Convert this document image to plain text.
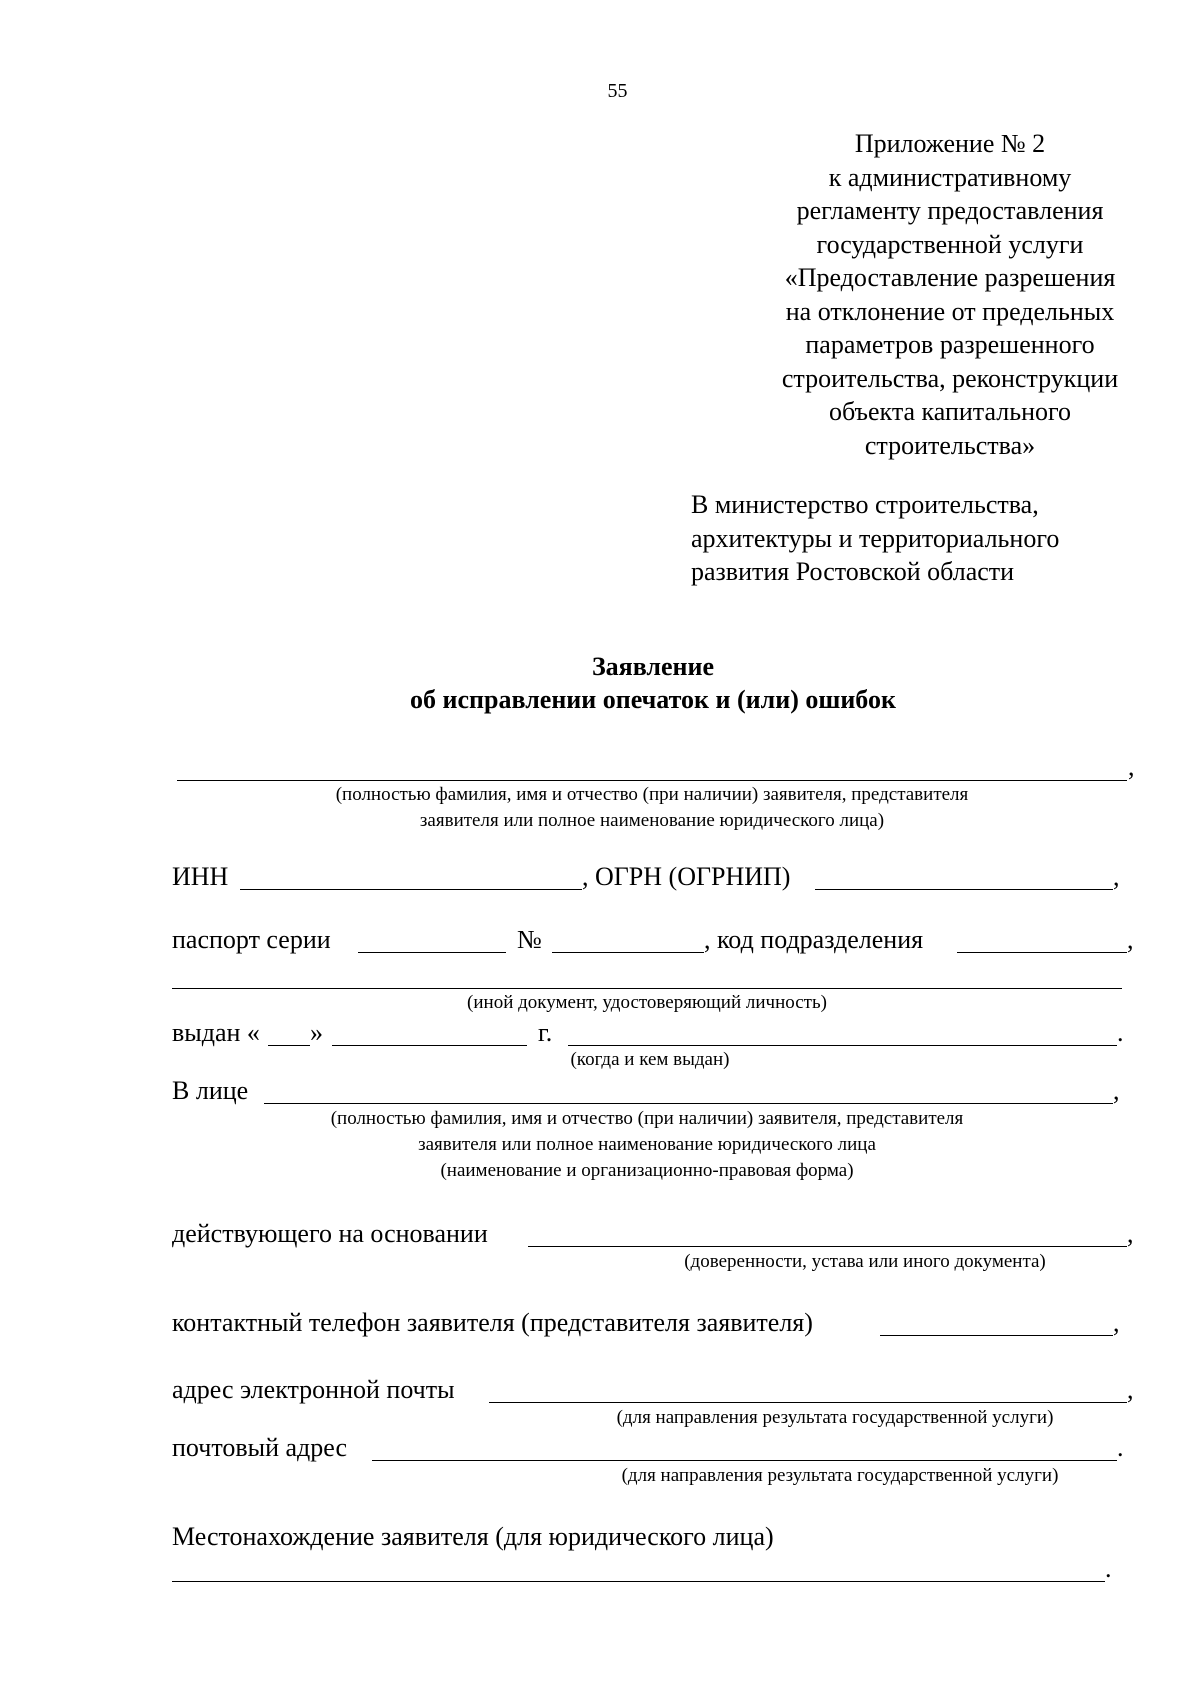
55
Приложение № 2
к административному
регламенту предоставления
государственной услуги
«Предоставление разрешения
на отклонение от предельных
параметров разрешенного
строительства, реконструкции
объекта капитального
строительства»
В министерство строительства,
архитектуры и территориального
развития Ростовской области
Заявление
об исправлении опечаток и (или) ошибок
,
(полностью фамилия, имя и отчество (при наличии) заявителя, представителя
заявителя или полное наименование юридического лица)
ИНН	, ОГРН (ОГРНИП)	,
паспорт серии	№	, код подразделения	,
(иной документ, удостоверяющий личность)
выдан « »	г.	.
(когда и кем выдан)
В лице	,
(полностью фамилия, имя и отчество (при наличии) заявителя, представителя
заявителя или полное наименование юридического лица
(наименование и организационно-правовая форма)
действующего на основании	,
(доверенности, устава или иного документа)
контактный телефон заявителя (представителя заявителя)	,
адрес электронной почты	,
(для направления результата государственной услуги)
почтовый адрес	.
(для направления результата государственной услуги)
Местонахождение заявителя (для юридического лица)
.
